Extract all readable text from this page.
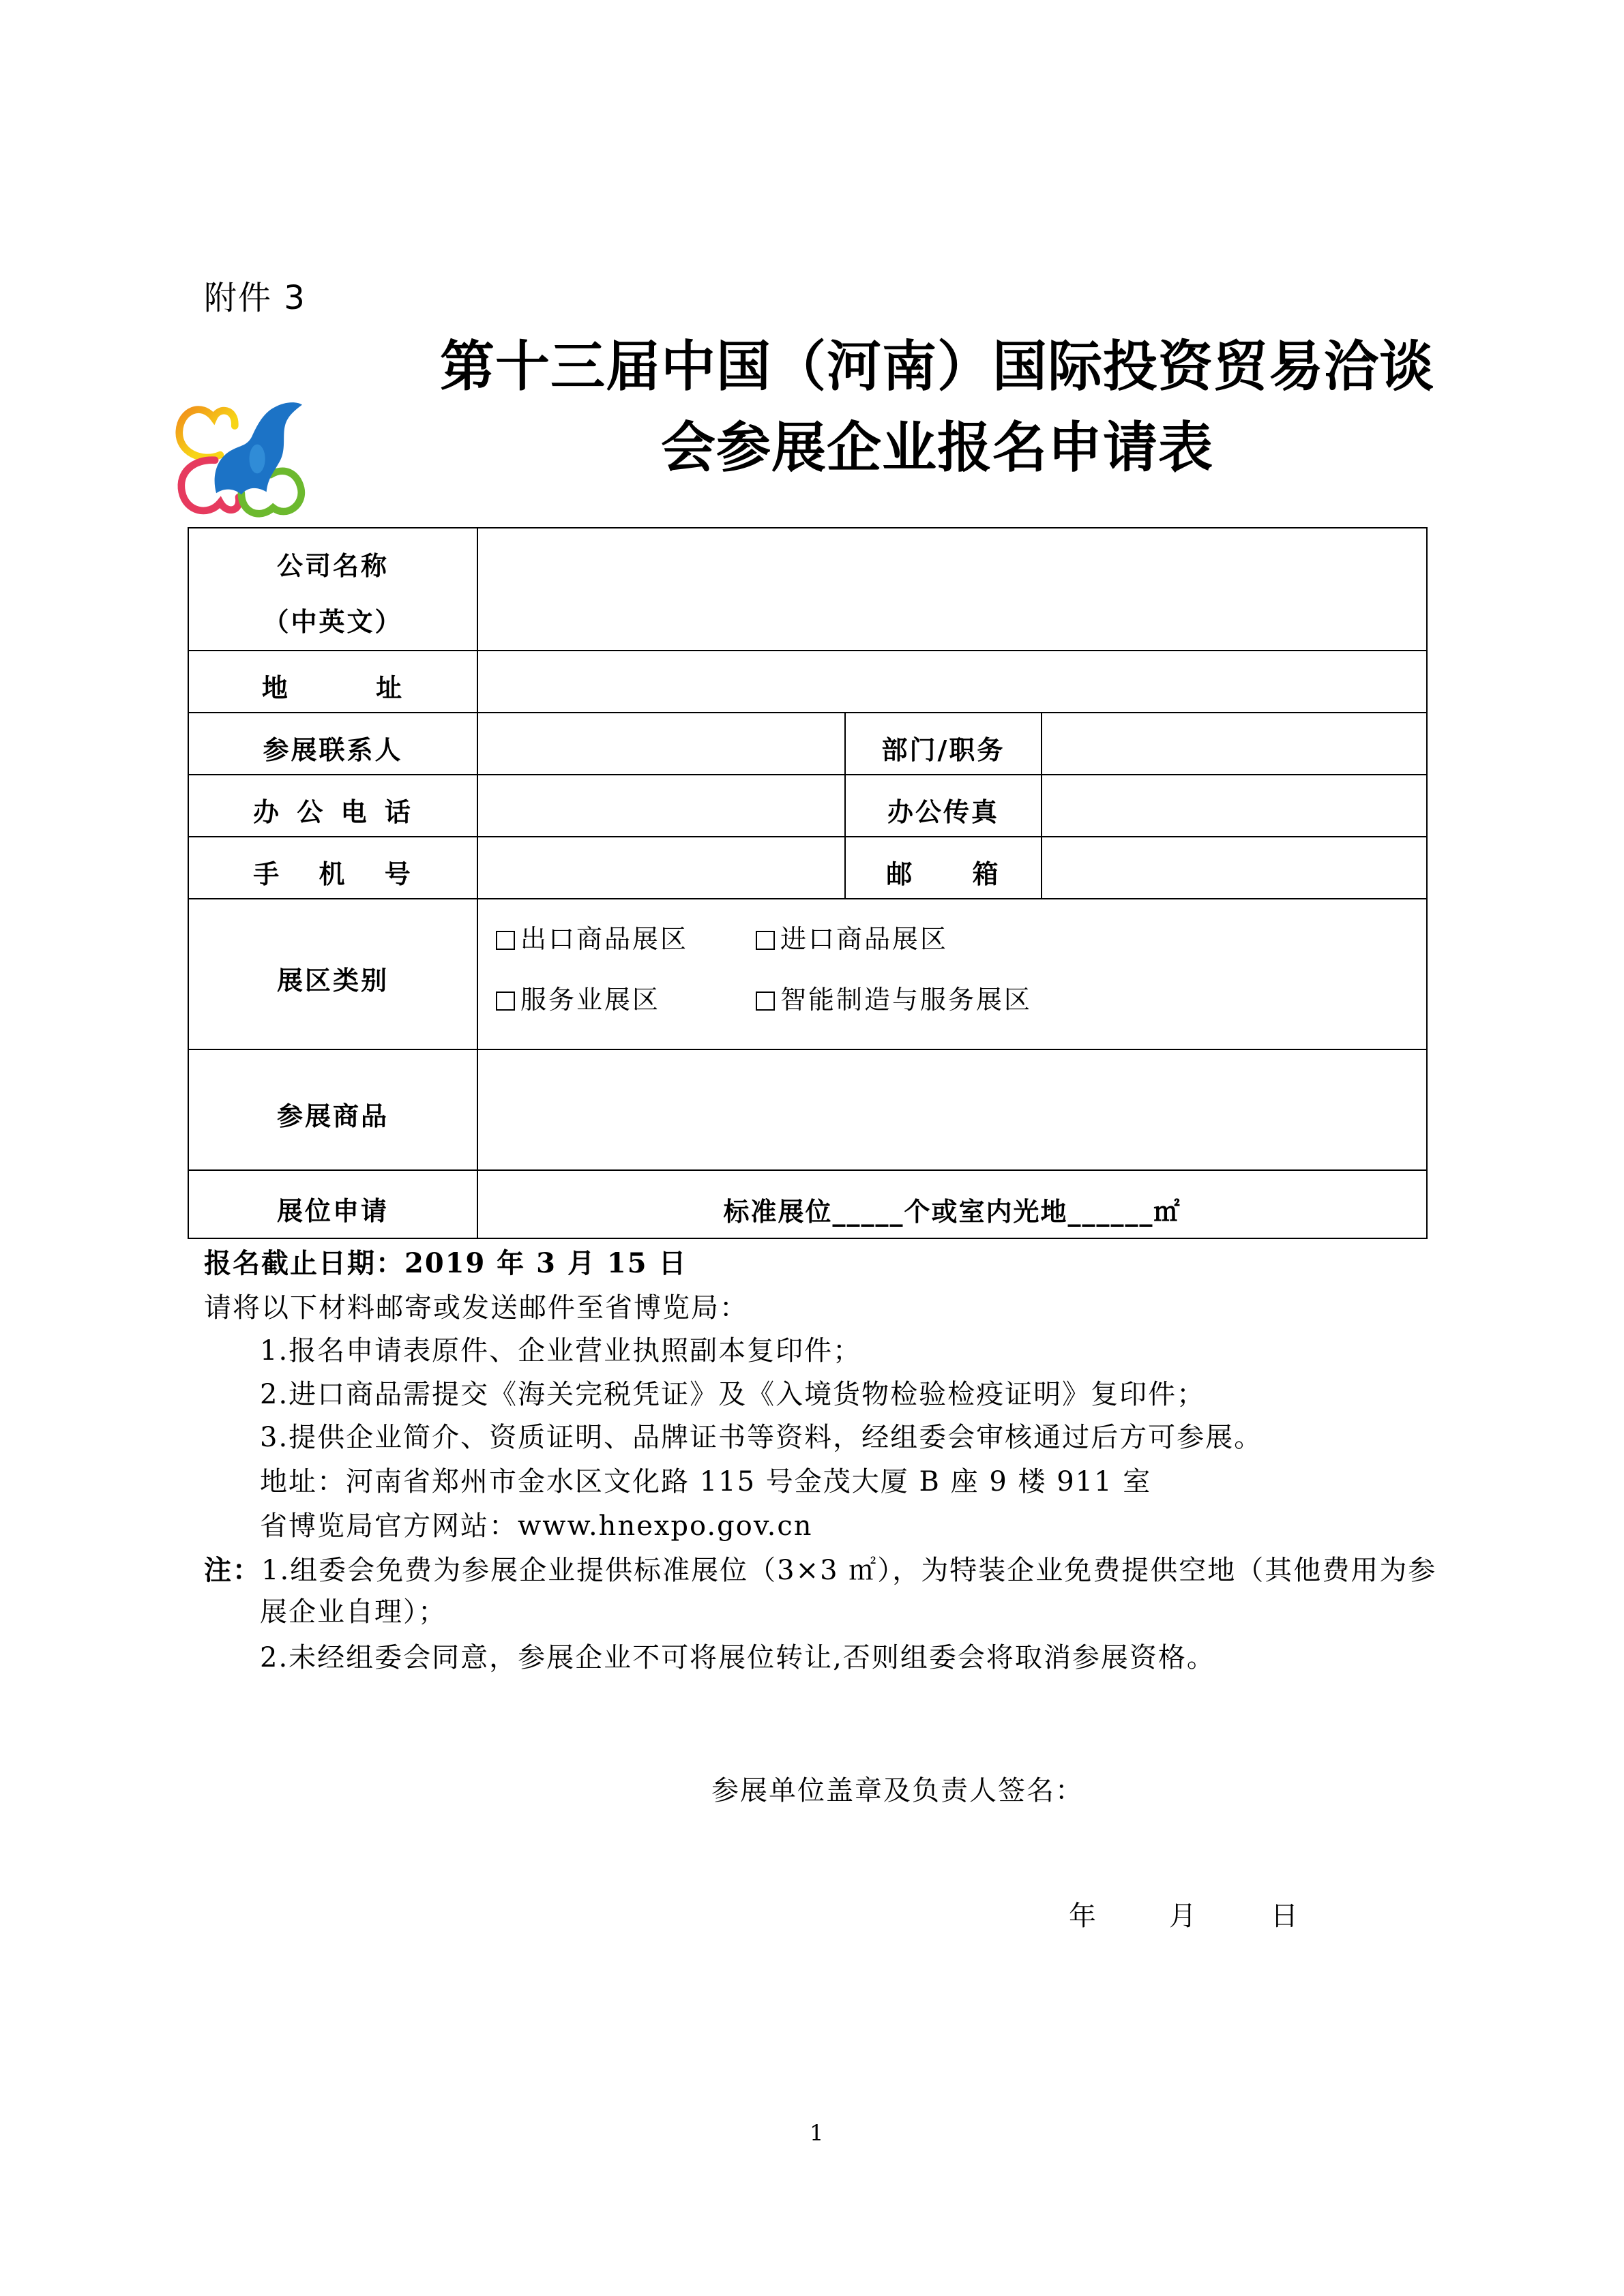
附件 3
第十三届中国（河南）国际投资贸易洽谈
会参展企业报名申请表
公司名称
（中英文）

地 址	

参展联系人		部门/职务	

办 公 电 话		办公传真	

手 机 号		邮 箱	

展区类别	出口商品展区 进口商品展区
服务业展区 智能制造与服务展区		

参展商品	

展位申请	标准展位_____个或室内光地______㎡		
报名截止日期：2019 年 3 月 15 日
请将以下材料邮寄或发送邮件至省博览局：
1.报名申请表原件、企业营业执照副本复印件；
2.进口商品需提交《海关完税凭证》及《入境货物检验检疫证明》复印件；
3.提供企业简介、资质证明、品牌证书等资料，经组委会审核通过后方可参展。
地址：河南省郑州市金水区文化路 115 号金茂大厦 B 座 9 楼 911 室
省博览局官方网站：www.hnexpo.gov.cn
注：1.组委会免费为参展企业提供标准展位（3×3 ㎡），为特装企业免费提供空地（其他费用为参
展企业自理）；
2.未经组委会同意，参展企业不可将展位转让,否则组委会将取消参展资格。
参展单位盖章及负责人签名：
年	月	日
1
